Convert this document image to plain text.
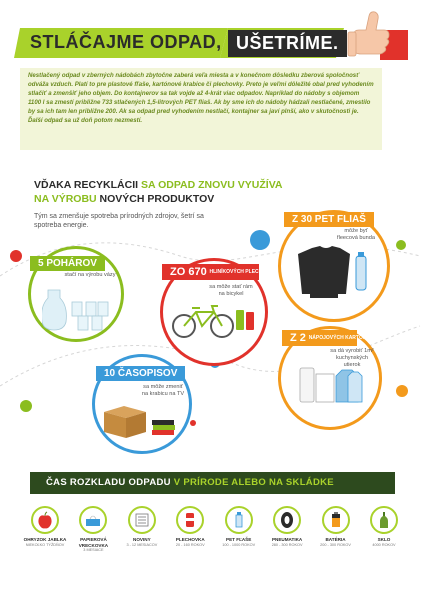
STLÁČAJME ODPAD, UŠETRÍME.

Nestlačený odpad v zberných nádobách zbytočne zaberá veľa miesta a v konečnom dôsledku zberová spoločnosť odváža vzduch. Platí to pre plastové fľaše, kartónové krabice či plechovky. Preto je veľmi dôležité obal pred vyhodením stlačiť a zmenšiť jeho objem. Do kontajnerov sa tak vojde až 4-krát viac odpadov. Napríklad do nádoby s objemom 1100 l sa zmestí približne 733 stlačených 1,5-litrových PET fliaš. Ak by sme ich do nádoby hádzali nestlačené, zmestilo by sa ich tam len približne 200. Ak sa odpad pred vyhodením nestlačí, kontajner sa javí plnší, ako v skutočnosti je. Ďalší odpad sa už doň potom nezmestí.

VĎAKA RECYKLÁCII SA ODPAD ZNOVU VYUŽÍVA
NA VÝROBU NOVÝCH PRODUKTOV
Tým sa zmenšuje spotreba prírodných zdrojov, šetrí sa spotreba energie.
5 POHÁROV
stačí na výrobu vázy	ZO 670 HLINÍKOVÝCH PLECHOVIEK
sa môže stať rám na bicykel
Z 30 PET FLIAŠ
môže byť fleecová bunda
Z 2 NÁPOJOVÝCH KARTÓNOV
sa dá vyrobiť 1m² kuchynských utierok
10 ČASOPISOV
sa môže zmeniť na krabicu na TV
ČAS ROZKLADU ODPADU V PRÍRODE ALEBO NA SKLÁDKE
OHRYZOK JABLKA
NIEKOĽKO TÝŽDŇOV
PAPIEROVÁ VRECKOVKA
3 MESIACE
NOVINY
3 - 12 MESIACOV
PLECHOVKA
20 - 160 ROKOV
PET FĽAŠE
100 - 1000 ROKOV
PNEUMATIKA
280 - 300 ROKOV
BATÉRIA
200 - 300 ROKOV
SKLO
4000 ROKOV
